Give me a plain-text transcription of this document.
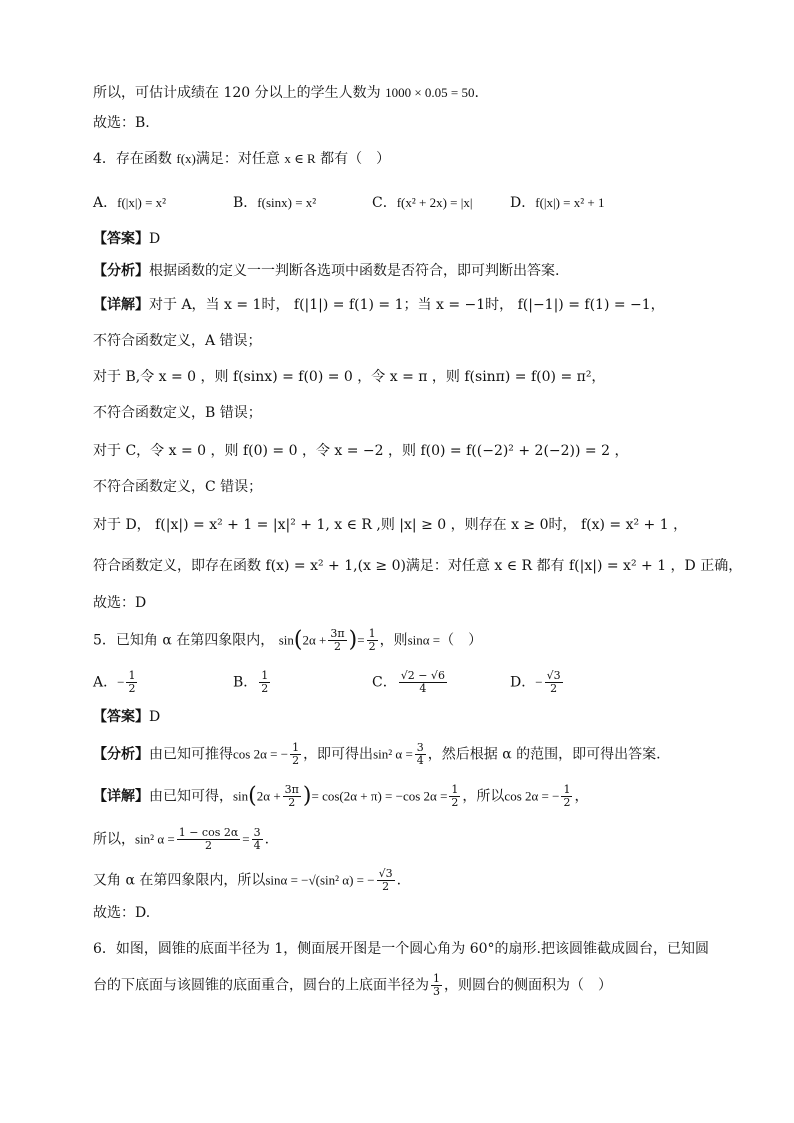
所以，可估计成绩在 120 分以上的学生人数为 1000 × 0.05 = 50.
故选：B.
4．存在函数 f(x)满足：对任意 x ∈ R 都有（　）
A．f(|x|) = x²	B．f(sinx) = x²	C．f(x² + 2x) = |x|	D．f(|x|) = x² + 1
【答案】D
【分析】根据函数的定义一一判断各选项中函数是否符合，即可判断出答案.
【详解】对于 A，当 x = 1时， f(|1|) = f(1) = 1；当 x = −1时， f(|−1|) = f(1) = −1，
不符合函数定义，A 错误；
对于 B,令 x = 0 ，则 f(sinx) = f(0) = 0 ，令 x = π ，则 f(sinπ) = f(0) = π²，
不符合函数定义，B 错误；
对于 C，令 x = 0 ，则 f(0) = 0 ，令 x = −2 ，则 f(0) = f((−2)² + 2(−2)) = 2 ，
不符合函数定义，C 错误；
对于 D， f(|x|) = x² + 1 = |x|² + 1, x ∈ R ,则 |x| ≥ 0 ，则存在 x ≥ 0时， f(x) = x² + 1 ，
符合函数定义，即存在函数 f(x) = x² + 1,(x ≥ 0)满足：对任意 x ∈ R 都有 f(|x|) = x² + 1 ，D 正确，
故选：D
5．已知角 α 在第四象限内， $\sin(2\alpha + \frac{3\pi}{2}$ )= $\frac{1}{2}$ ，则sinα =（　）
A．− $\frac{1}{2}$	B． $\frac{1}{2}$	C． $\frac{√2 - √6}{4}$	D．− $\frac{√3}{2}$
【答案】D
【分析】由已知可推得cos 2α = − $\frac{1}{2}$ ，即可得出sin² $\alpha = \frac{3}{4}$ ，然后根据 α 的范围，即可得出答案.
【详解】由已知可得，$\sin(2\alpha + \frac{3\pi}{2}$ )= cos(2α + π) = −cos $2\alpha = \frac{1}{2}$ ，所以cos 2α = − $\frac{1}{2}$ ，
所以，sin² $\alpha = \frac{1 - \cos 2\alpha}{2} = \frac{3}{4}$ .
又角 α 在第四象限内，所以sinα = −√(sin² α) = − $\frac{√3}{2}$ .
故选：D.
6．如图，圆锥的底面半径为 1，侧面展开图是一个圆心角为 60°的扇形.把该圆锥截成圆台，已知圆
台的下底面与该圆锥的底面重合，圆台的上底面半径为 $\frac{1}{3}$ ，则圆台的侧面积为（　）
